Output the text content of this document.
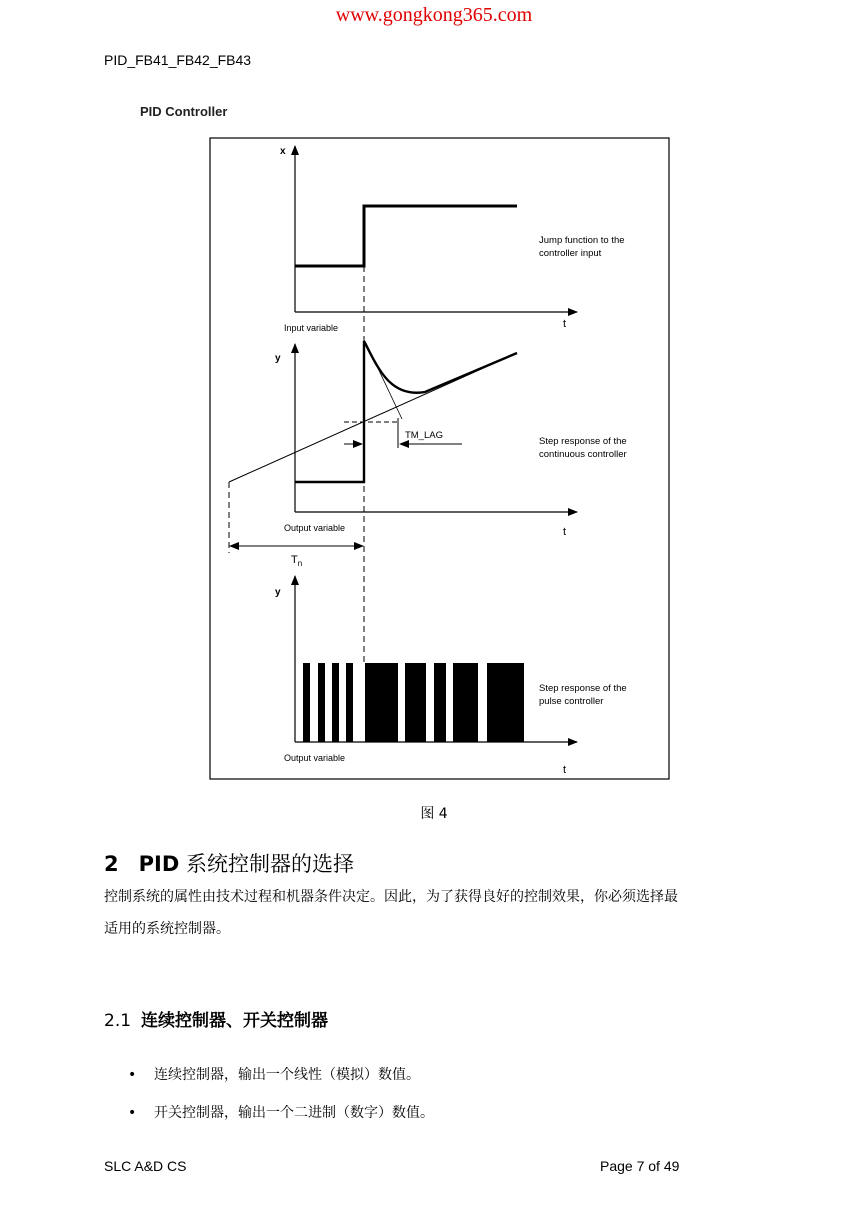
www.gongkong365.com
PID_FB41_FB42_FB43
PID Controller
x
t
Input variable
Jump function to the
controller input
y
t
Output variable
TM_LAG
Step response of the
continuous controller
$T_n$
y
t
Output variable
Step response of the
pulse controller
图 4
2 PID 系统控制器的选择
控制系统的属性由技术过程和机器条件决定。因此，为了获得良好的控制效果，你必须选择最
适用的系统控制器。
2.1 连续控制器、开关控制器
• 连续控制器，输出一个线性（模拟）数值。
• 开关控制器，输出一个二进制（数字）数值。
SLC A&D CS	Page 7 of 49
